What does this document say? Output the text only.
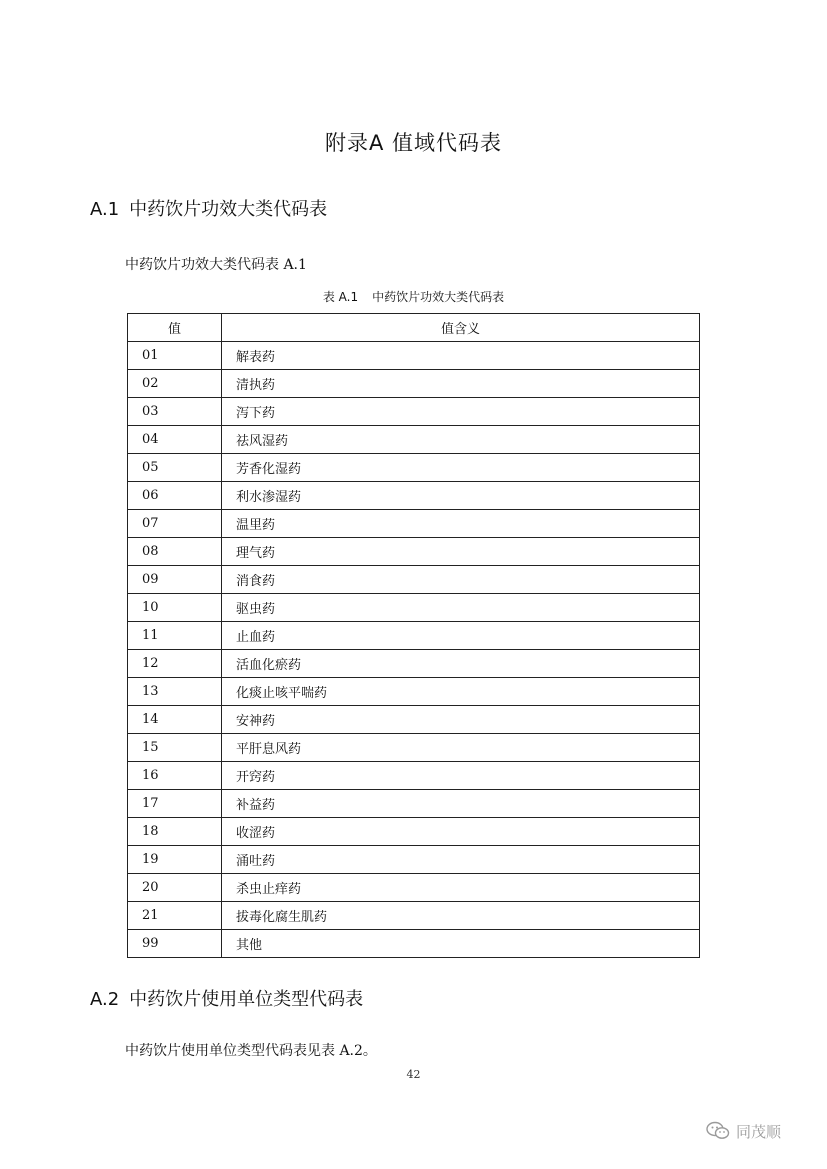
附录A 值域代码表
A.1 中药饮片功效大类代码表
中药饮片功效大类代码表 A.1
表 A.1 中药饮片功效大类代码表
值	值含义
01	解表药
02	清执药
03	泻下药
04	祛风湿药
05	芳香化湿药
06	利水渗湿药
07	温里药
08	理气药
09	消食药
10	驱虫药
11	止血药
12	活血化瘀药
13	化痰止咳平喘药
14	安神药
15	平肝息风药
16	开窍药
17	补益药
18	收涩药
19	涌吐药
20	杀虫止痒药
21	拔毒化腐生肌药
99	其他
A.2 中药饮片使用单位类型代码表
中药饮片使用单位类型代码表见表 A.2。
42
同茂顺
